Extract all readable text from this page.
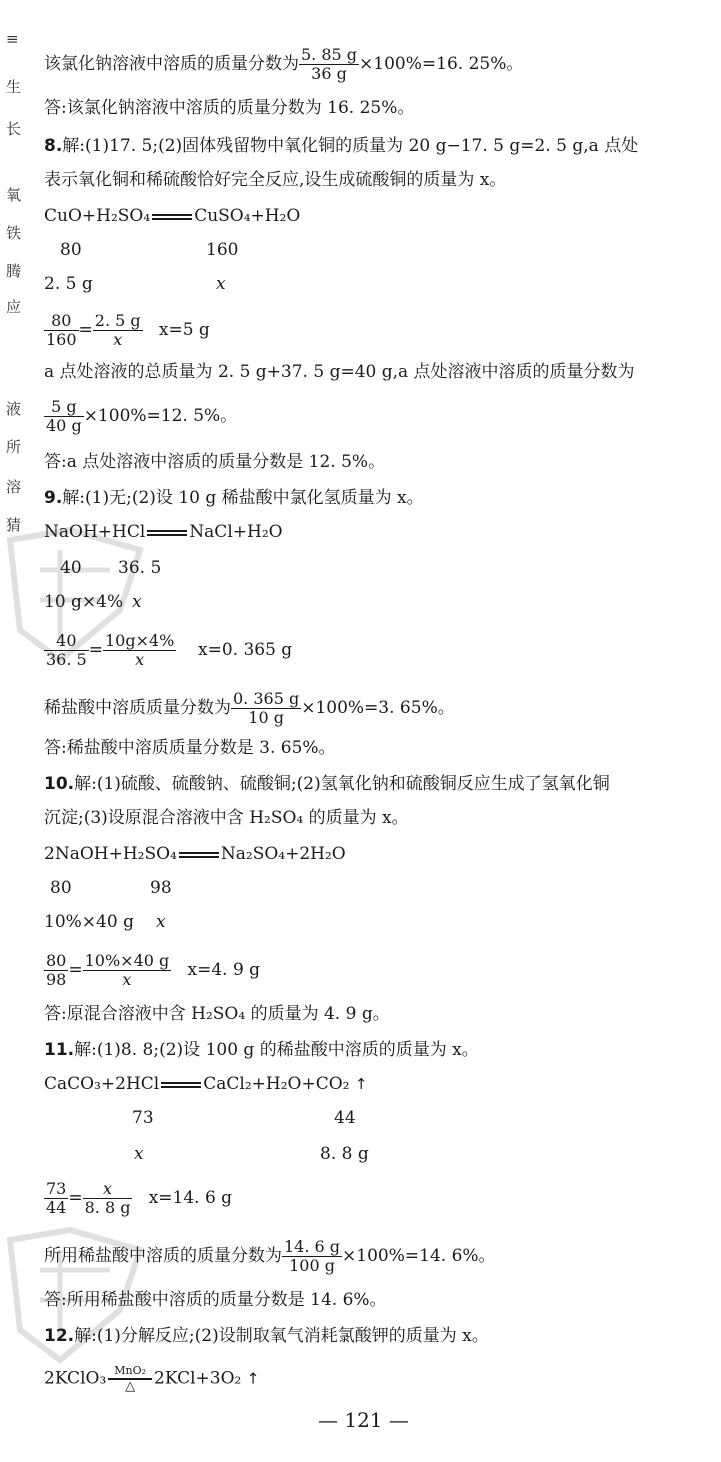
≡
生
长
氧
铁
腾
应
液
所
溶
猜
该氯化钠溶液中溶质的质量分数为 $\frac{5. 85 g}{36 g} \times 100\%=16$. 25%。
答:该氯化钠溶液中溶质的质量分数为 16. 25%。
8.解:(1)17. 5;(2)固体残留物中氧化铜的质量为 20 g−17. 5 g=2. 5 g,a 点处
表示氧化铜和稀硫酸恰好完全反应,设生成硫酸铜的质量为 x。
CuO+H₂SO₄	CuSO₄+H₂O
80	160
2. 5 g	x
$\frac{80}{160} = \frac{2. 5 g}{x} x=5$ g
a 点处溶液的总质量为 2. 5 g+37. 5 g=40 g,a 点处溶液中溶质的质量分数为
$\frac{5 g}{40 g} \times 100\%=12$. 5%。
答:a 点处溶液中溶质的质量分数是 12. 5%。
9.解:(1)无;(2)设 10 g 稀盐酸中氯化氢质量为 x。
NaOH+HCl	NaCl+H₂O
40 36. 5
10 g×4% x
$\frac{40}{36. 5} = \frac{10g\times 4\%}{x} x=0$. 365 g
稀盐酸中溶质质量分数为 $\frac{0. 365 g}{10 g} \times 100\%=3$. 65%。
答:稀盐酸中溶质质量分数是 3. 65%。
10.解:(1)硫酸、硫酸钠、硫酸铜;(2)氢氧化钠和硫酸铜反应生成了氢氧化铜
沉淀;(3)设原混合溶液中含 H₂SO₄ 的质量为 x。
2NaOH+H₂SO₄	Na₂SO₄+2H₂O
80	98
10%×40 g x
$\frac{80}{98} = \frac{10\%\times 40 g}{x} x=4$. 9 g
答:原混合溶液中含 H₂SO₄ 的质量为 4. 9 g。
11.解:(1)8. 8;(2)设 100 g 的稀盐酸中溶质的质量为 x。
CaCO₃+2HCl	CaCl₂+H₂O+CO₂ ↑
73	44
x	8. 8 g
$\frac{73}{44} = \frac{x}{8. 8 g} x=14$. 6 g
所用稀盐酸中溶质的质量分数为 $\frac{14. 6 g}{100 g} \times 100\%=14$. 6%。
答:所用稀盐酸中溶质的质量分数是 14. 6%。
12.解:(1)分解反应;(2)设制取氧气消耗氯酸钾的质量为 x。
2KClO₃ MnO₂
△	2KCl+3O₂ ↑
— 121 —
